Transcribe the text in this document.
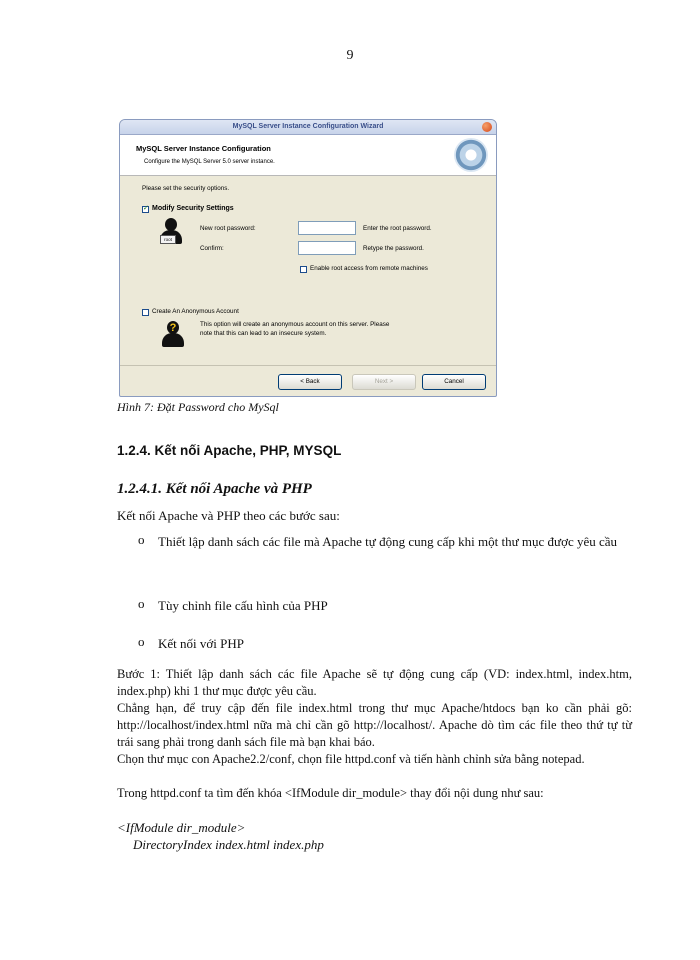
9
MySQL Server Instance Configuration Wizard
MySQL Server Instance Configuration
Configure the MySQL Server 5.0 server instance.
Please set the security options.
✓
Modify Security Settings
root
New root password:	Enter the root password.
Confirm:	Retype the password.
Enable root access from remote machines
Create An Anonymous Account
?	This option will create an anonymous account on this server. Please
note that this can lead to an insecure system.
< Back	Next >	Cancel
Hình 7: Đặt Password cho MySql
1.2.4. Kết nối Apache, PHP, MYSQL
1.2.4.1. Kết nối Apache và PHP
Kết nối Apache và PHP theo các bước sau:
o Thiết lập danh sách các file mà Apache tự động cung cấp khi một thư mục được yêu cầu
o Tùy chỉnh file cấu hình của PHP
o Kết nối với PHP
Bước 1: Thiết lập danh sách các file Apache sẽ tự động cung cấp (VD: index.html, index.htm, index.php) khi 1 thư mục được yêu cầu.
Chẳng hạn, để truy cập đến file index.html trong thư mục Apache/htdocs bạn ko cần phải gõ: http://localhost/index.html nữa mà chỉ cần gõ http://localhost/. Apache dò tìm các file theo thứ tự từ trái sang phải trong danh sách file mà bạn khai báo.
Chọn thư mục con Apache2.2/conf, chọn file httpd.conf và tiến hành chỉnh sửa bằng notepad.
Trong httpd.conf ta tìm đến khóa <IfModule dir_module> thay đổi nội dung như sau:
<IfModule dir_module>
DirectoryIndex index.html index.php
